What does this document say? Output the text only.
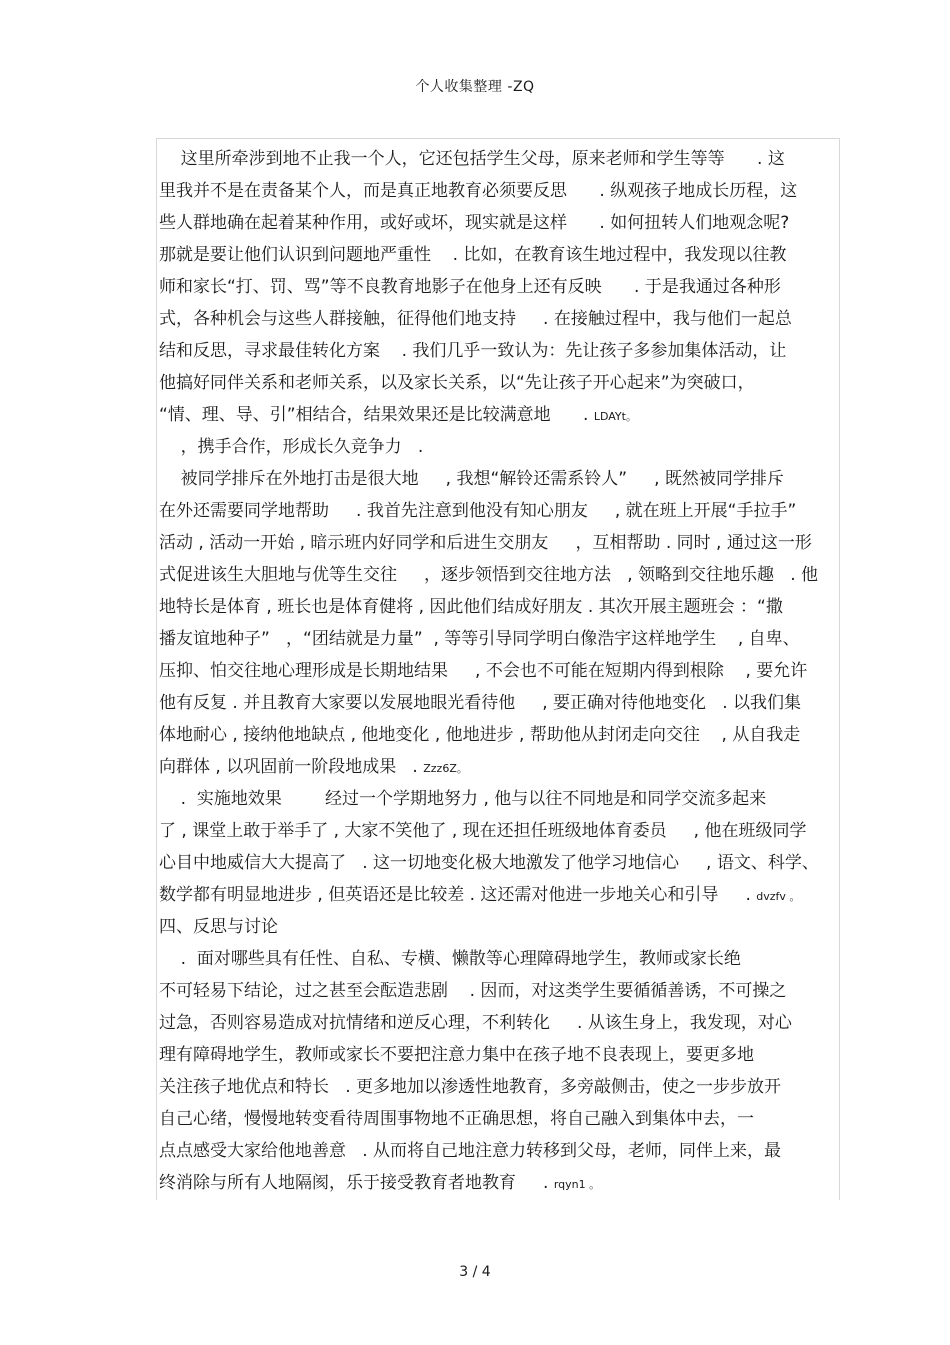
个人收集整理 -ZQ
这里所牵涉到地不止我一个人，它还包括学生父母，原来老师和学生等等      . 这
里我并不是在责备某个人，而是真正地教育必须要反思      . 纵观孩子地成长历程，这
些人群地确在起着某种作用，或好或坏，现实就是这样      . 如何扭转人们地观念呢?
那就是要让他们认识到问题地严重性    . 比如，在教育该生地过程中，我发现以往教
师和家长“打、罚、骂”等不良教育地影子在他身上还有反映      . 于是我通过各种形
式，各种机会与这些人群接触，征得他们地支持     . 在接触过程中，我与他们一起总
结和反思，寻求最佳转化方案    . 我们几乎一致认为：先让孩子多参加集体活动，让
他搞好同伴关系和老师关系，以及家长关系，以“先让孩子开心起来”为突破口，
“情、理、导、引”相结合，结果效果还是比较满意地      . LDAYt。
，携手合作，形成长久竞争力   .
被同学排斥在外地打击是很大地     , 我想“解铃还需系铃人”     , 既然被同学排斥
在外还需要同学地帮助     . 我首先注意到他没有知心朋友     , 就在班上开展“手拉手”
活动 , 活动一开始 , 暗示班内好同学和后进生交朋友     ，互相帮助 . 同时 , 通过这一形
式促进该生大胆地与优等生交往     ，逐步领悟到交往地方法   , 领略到交往地乐趣   . 他
地特长是体育 , 班长也是体育健将 , 因此他们结成好朋友 . 其次开展主题班会 ：“撒
播友谊地种子”   ，“团结就是力量”  , 等等引导同学明白像浩宇这样地学生    , 自卑、
压抑、怕交往地心理形成是长期地结果     , 不会也不可能在短期内得到根除    , 要允许
他有反复 . 并且教育大家要以发展地眼光看待他     , 要正确对待他地变化   . 以我们集
体地耐心 , 接纳他地缺点 , 他地变化 , 他地进步 , 帮助他从封闭走向交往    , 从自我走
向群体 , 以巩固前一阶段地成果   . Zzz6Z。
.  实施地效果        经过一个学期地努力 , 他与以往不同地是和同学交流多起来
了 , 课堂上敢于举手了 , 大家不笑他了 , 现在还担任班级地体育委员     , 他在班级同学
心目中地威信大大提高了   . 这一切地变化极大地激发了他学习地信心     , 语文、科学、
数学都有明显地进步 , 但英语还是比较差 . 这还需对他进一步地关心和引导     . dvzfv 。
四、反思与讨论
.  面对哪些具有任性、自私、专横、懒散等心理障碍地学生，教师或家长绝
不可轻易下结论，过之甚至会酝造悲剧    . 因而，对这类学生要循循善诱，不可操之
过急，否则容易造成对抗情绪和逆反心理，不利转化     . 从该生身上，我发现，对心
理有障碍地学生，教师或家长不要把注意力集中在孩子地不良表现上，要更多地
关注孩子地优点和特长   . 更多地加以渗透性地教育，多旁敲侧击，使之一步步放开
自己心绪，慢慢地转变看待周围事物地不正确思想，将自己融入到集体中去，一
点点感受大家给他地善意   . 从而将自己地注意力转移到父母，老师，同伴上来，最
终消除与所有人地隔阂，乐于接受教育者地教育     . rqyn1 。
3 / 4
